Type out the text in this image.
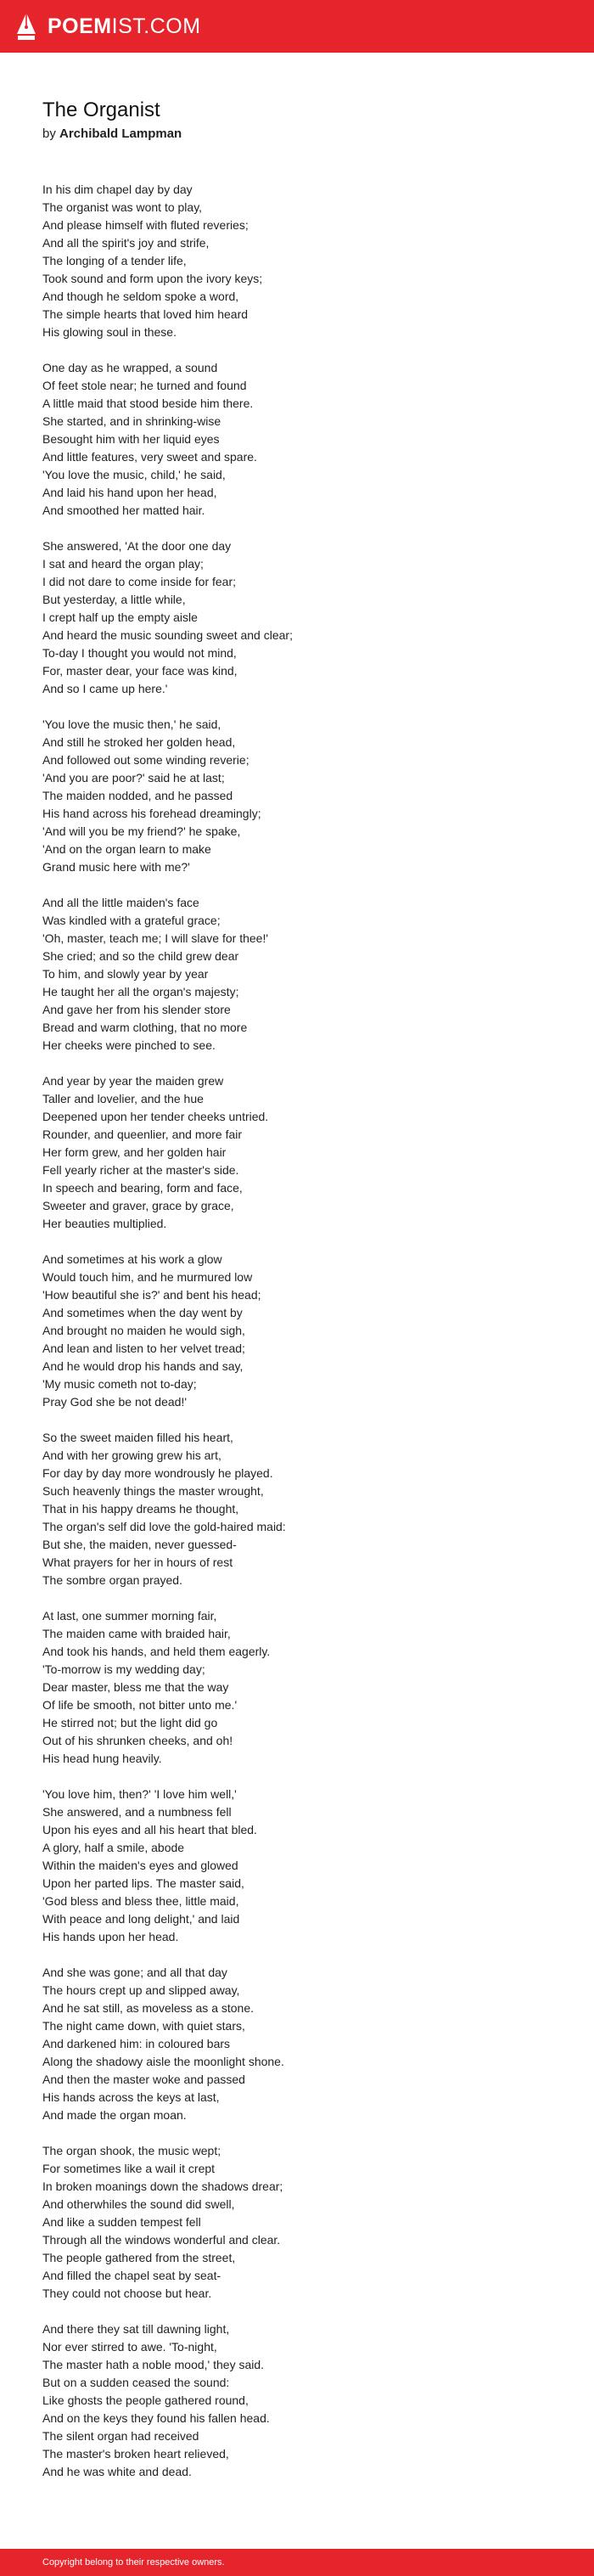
POEMIST.COM
The Organist
by Archibald Lampman
In his dim chapel day by day
The organist was wont to play,
And please himself with fluted reveries;
And all the spirit's joy and strife,
The longing of a tender life,
Took sound and form upon the ivory keys;
And though he seldom spoke a word,
The simple hearts that loved him heard
His glowing soul in these.
One day as he wrapped, a sound
Of feet stole near; he turned and found
A little maid that stood beside him there.
She started, and in shrinking-wise
Besought him with her liquid eyes
And little features, very sweet and spare.
'You love the music, child,' he said,
And laid his hand upon her head,
And smoothed her matted hair.
She answered, 'At the door one day
I sat and heard the organ play;
I did not dare to come inside for fear;
But yesterday, a little while,
I crept half up the empty aisle
And heard the music sounding sweet and clear;
To-day I thought you would not mind,
For, master dear, your face was kind,
And so I came up here.'
'You love the music then,' he said,
And still he stroked her golden head,
And followed out some winding reverie;
'And you are poor?' said he at last;
The maiden nodded, and he passed
His hand across his forehead dreamingly;
'And will you be my friend?' he spake,
'And on the organ learn to make
Grand music here with me?'
And all the little maiden's face
Was kindled with a grateful grace;
'Oh, master, teach me; I will slave for thee!'
She cried; and so the child grew dear
To him, and slowly year by year
He taught her all the organ's majesty;
And gave her from his slender store
Bread and warm clothing, that no more
Her cheeks were pinched to see.
And year by year the maiden grew
Taller and lovelier, and the hue
Deepened upon her tender cheeks untried.
Rounder, and queenlier, and more fair
Her form grew, and her golden hair
Fell yearly richer at the master's side.
In speech and bearing, form and face,
Sweeter and graver, grace by grace,
Her beauties multiplied.
And sometimes at his work a glow
Would touch him, and he murmured low
'How beautiful she is?' and bent his head;
And sometimes when the day went by
And brought no maiden he would sigh,
And lean and listen to her velvet tread;
And he would drop his hands and say,
'My music cometh not to-day;
Pray God she be not dead!'
So the sweet maiden filled his heart,
And with her growing grew his art,
For day by day more wondrously he played.
Such heavenly things the master wrought,
That in his happy dreams he thought,
The organ's self did love the gold-haired maid:
But she, the maiden, never guessed-
What prayers for her in hours of rest
The sombre organ prayed.
At last, one summer morning fair,
The maiden came with braided hair,
And took his hands, and held them eagerly.
'To-morrow is my wedding day;
Dear master, bless me that the way
Of life be smooth, not bitter unto me.'
He stirred not; but the light did go
Out of his shrunken cheeks, and oh!
His head hung heavily.
'You love him, then?' 'I love him well,'
She answered, and a numbness fell
Upon his eyes and all his heart that bled.
A glory, half a smile, abode
Within the maiden's eyes and glowed
Upon her parted lips. The master said,
'God bless and bless thee, little maid,
With peace and long delight,' and laid
His hands upon her head.
And she was gone; and all that day
The hours crept up and slipped away,
And he sat still, as moveless as a stone.
The night came down, with quiet stars,
And darkened him: in coloured bars
Along the shadowy aisle the moonlight shone.
And then the master woke and passed
His hands across the keys at last,
And made the organ moan.
The organ shook, the music wept;
For sometimes like a wail it crept
In broken moanings down the shadows drear;
And otherwhiles the sound did swell,
And like a sudden tempest fell
Through all the windows wonderful and clear.
The people gathered from the street,
And filled the chapel seat by seat-
They could not choose but hear.
And there they sat till dawning light,
Nor ever stirred to awe. 'To-night,
The master hath a noble mood,' they said.
But on a sudden ceased the sound:
Like ghosts the people gathered round,
And on the keys they found his fallen head.
The silent organ had received
The master's broken heart relieved,
And he was white and dead.
Copyright belong to their respective owners.
